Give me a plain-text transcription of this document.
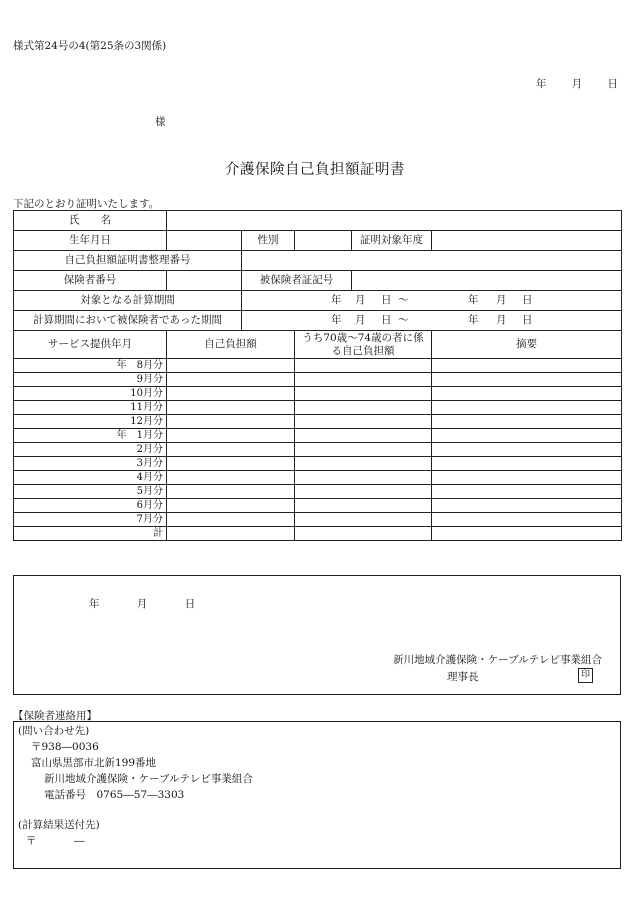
様式第24号の4(第25条の3関係)
年 月 日
様
介護保険自己負担額証明書
下記のとおり証明いたします。
氏　　名					
生年月日		性別		証明対象年度	
自己負担額証明書整理番号					
保険者番号		被保険者証記号			
対象となる計算期間		年 月 日 〜 年 月 日			
計算期間において被保険者であった期間		年 月 日 〜 年 月 日			
サービス提供年月	自己負担額		うち70歳〜74歳の者に係る自己負担額		摘要
年　8月分					
9月分					
10月分					
11月分					
12月分					
年　1月分					
2月分					
3月分					
4月分					
5月分					
6月分					
7月分					
計					
年	月	日
新川地域介護保険・ケーブルテレビ事業組合
理事長	印
【保険者連絡用】
(問い合わせ先)
〒938―0036
富山県黒部市北新199番地
新川地域介護保険・ケーブルテレビ事業組合
電話番号　0765―57―3303
(計算結果送付先)
〒	―
